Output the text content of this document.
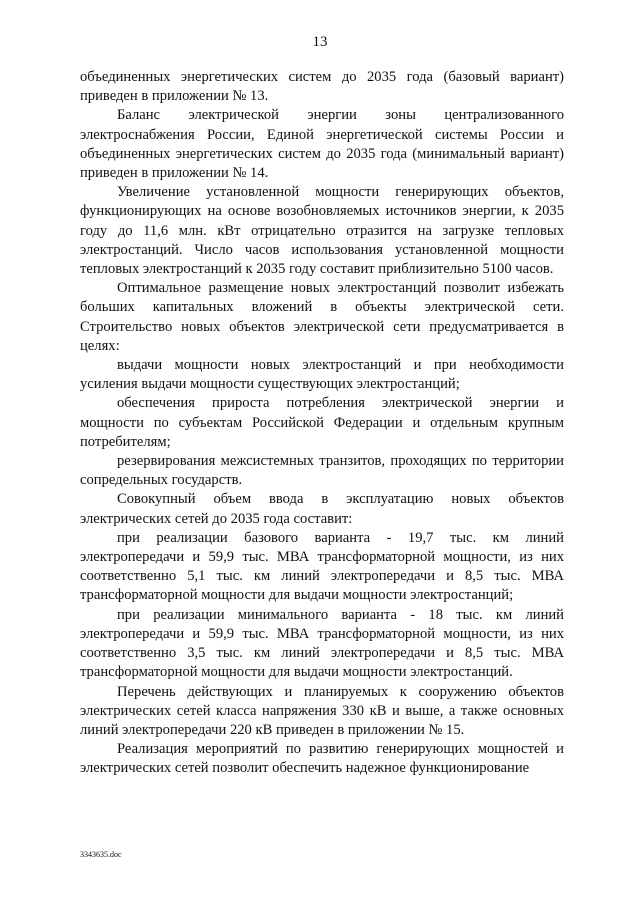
13

объединенных энергетических систем до 2035 года (базовый вариант) приведен в приложении № 13.

Баланс электрической энергии зоны централизованного электроснабжения России, Единой энергетической системы России и объединенных энергетических систем до 2035 года (минимальный вариант) приведен в приложении № 14.

Увеличение установленной мощности генерирующих объектов, функционирующих на основе возобновляемых источников энергии, к 2035 году до 11,6 млн. кВт отрицательно отразится на загрузке тепловых электростанций. Число часов использования установленной мощности тепловых электростанций к 2035 году составит приблизительно 5100 часов.

Оптимальное размещение новых электростанций позволит избежать больших капитальных вложений в объекты электрической сети. Строительство новых объектов электрической сети предусматривается в целях:

выдачи мощности новых электростанций и при необходимости усиления выдачи мощности существующих электростанций;

обеспечения прироста потребления электрической энергии и мощности по субъектам Российской Федерации и отдельным крупным потребителям;

резервирования межсистемных транзитов, проходящих по территории сопредельных государств.

Совокупный объем ввода в эксплуатацию новых объектов электрических сетей до 2035 года составит:

при реализации базового варианта - 19,7 тыс. км линий электропередачи и 59,9 тыс. МВА трансформаторной мощности, из них соответственно 5,1 тыс. км линий электропередачи и 8,5 тыс. МВА трансформаторной мощности для выдачи мощности электростанций;

при реализации минимального варианта - 18 тыс. км линий электропередачи и 59,9 тыс. МВА трансформаторной мощности, из них соответственно 3,5 тыс. км линий электропередачи и 8,5 тыс. МВА трансформаторной мощности для выдачи мощности электростанций.

Перечень действующих и планируемых к сооружению объектов электрических сетей класса напряжения 330 кВ и выше, а также основных линий электропередачи 220 кВ приведен в приложении № 15.

Реализация мероприятий по развитию генерирующих мощностей и электрических сетей позволит обеспечить надежное функционирование

3343635.doc
